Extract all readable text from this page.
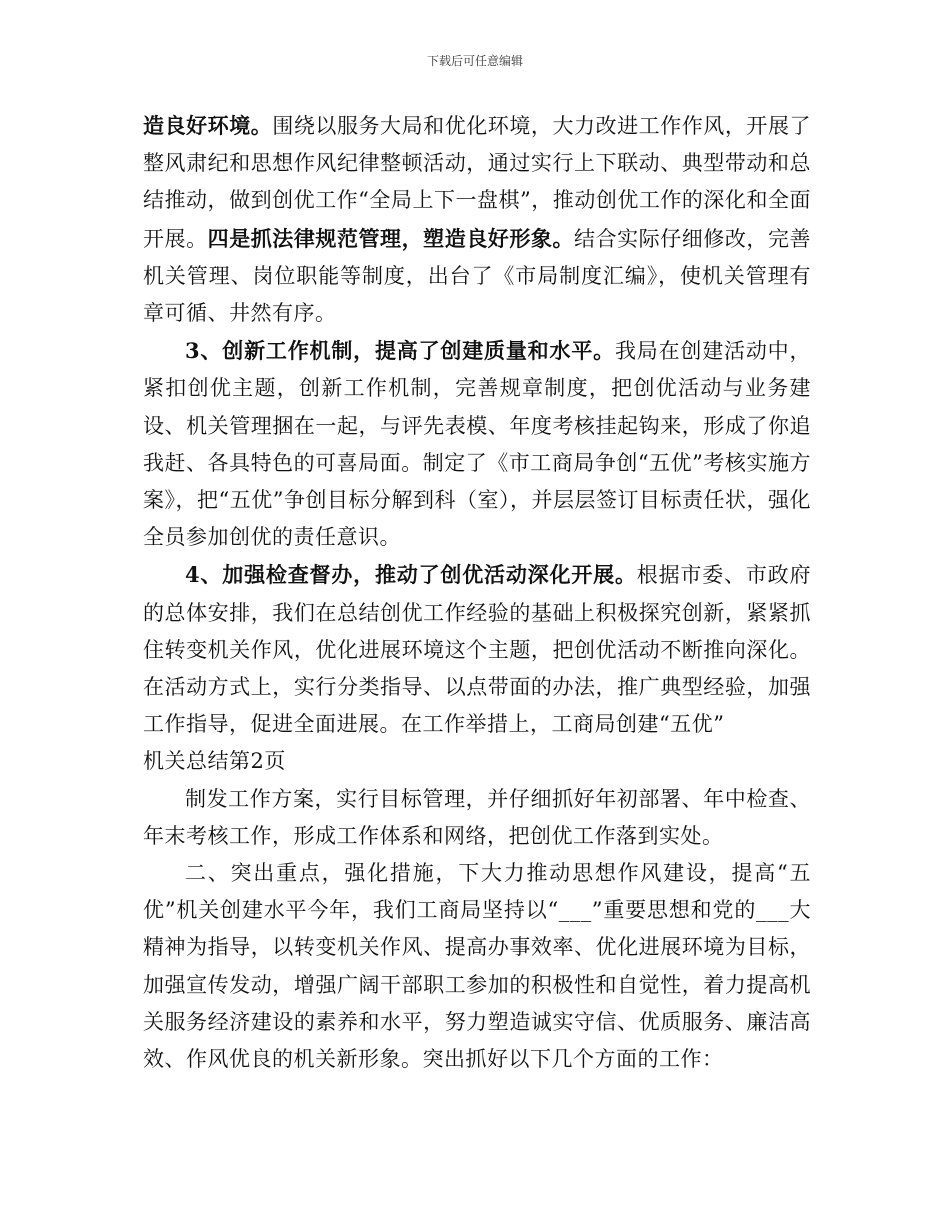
下载后可任意编辑

造良好环境。围绕以服务大局和优化环境，大力改进工作作风，开展了整风肃纪和思想作风纪律整顿活动，通过实行上下联动、典型带动和总结推动，做到创优工作“全局上下一盘棋”，推动创优工作的深化和全面开展。四是抓法律规范管理，塑造良好形象。结合实际仔细修改，完善机关管理、岗位职能等制度，出台了《市局制度汇编》，使机关管理有章可循、井然有序。

3、创新工作机制，提高了创建质量和水平。我局在创建活动中，紧扣创优主题，创新工作机制，完善规章制度，把创优活动与业务建设、机关管理捆在一起，与评先表模、年度考核挂起钩来，形成了你追我赶、各具特色的可喜局面。制定了《市工商局争创“五优”考核实施方案》，把“五优”争创目标分解到科（室），并层层签订目标责任状，强化全员参加创优的责任意识。

4、加强检查督办，推动了创优活动深化开展。根据市委、市政府的总体安排，我们在总结创优工作经验的基础上积极探究创新，紧紧抓住转变机关作风，优化进展环境这个主题，把创优活动不断推向深化。在活动方式上，实行分类指导、以点带面的办法，推广典型经验，加强工作指导，促进全面进展。在工作举措上，工商局创建“五优”

机关总结第2页

制发工作方案，实行目标管理，并仔细抓好年初部署、年中检查、年末考核工作，形成工作体系和网络，把创优工作落到实处。

二、突出重点，强化措施，下大力推动思想作风建设，提高“五优”机关创建水平今年，我们工商局坚持以“___”重要思想和党的___大精神为指导，以转变机关作风、提高办事效率、优化进展环境为目标，加强宣传发动，增强广阔干部职工参加的积极性和自觉性，着力提高机关服务经济建设的素养和水平，努力塑造诚实守信、优质服务、廉洁高效、作风优良的机关新形象。突出抓好以下几个方面的工作：
